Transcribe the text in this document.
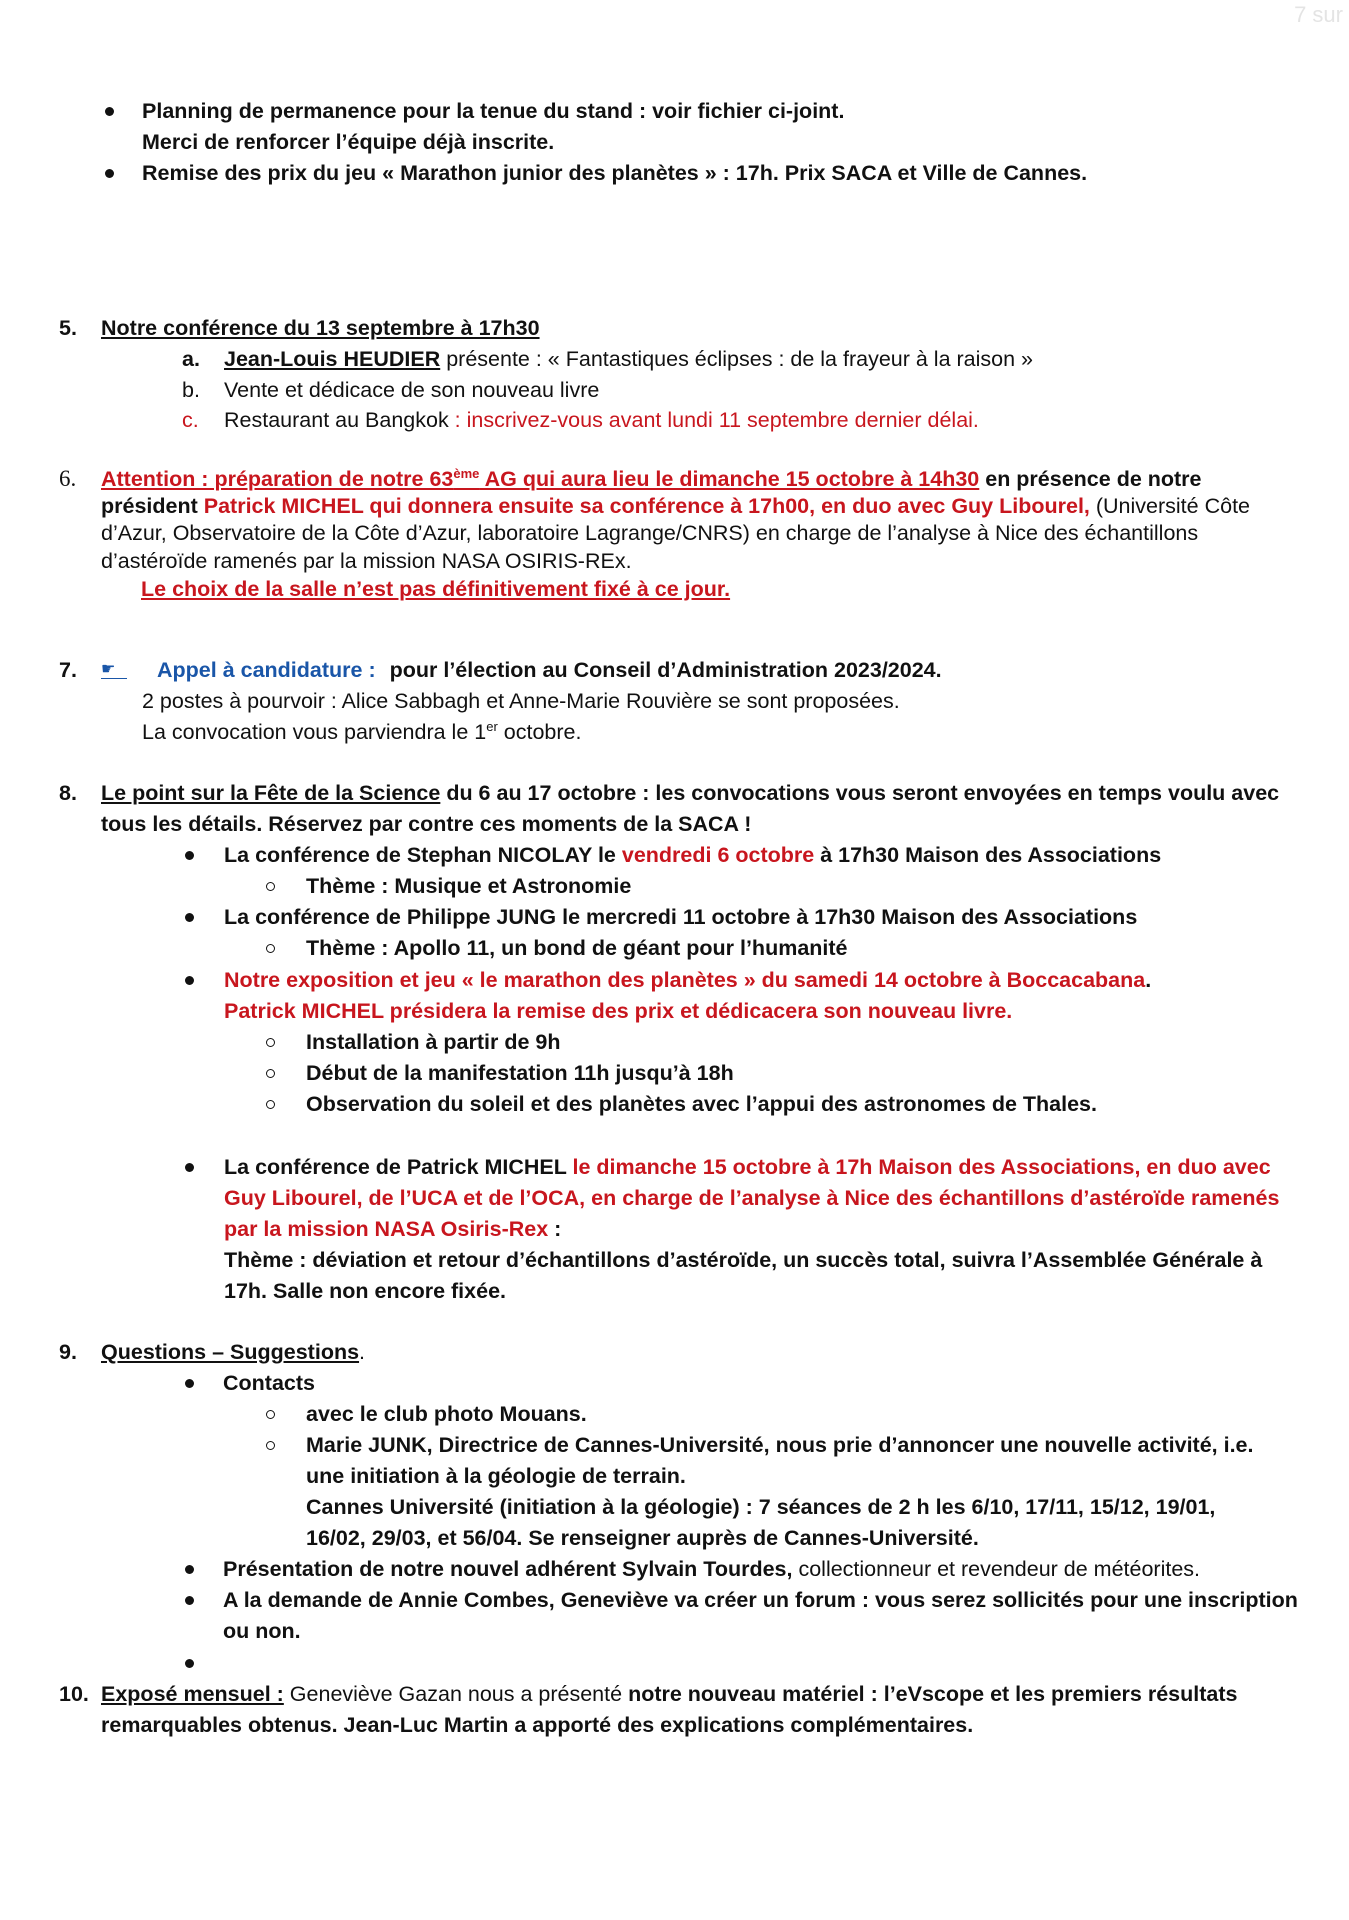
7 sur
Planning de permanence pour la tenue du stand : voir fichier ci-joint.
Merci de renforcer l’équipe déjà inscrite.
Remise des prix du jeu « Marathon junior des planètes » : 17h. Prix SACA et Ville de Cannes.
5. Notre conférence du 13 septembre à 17h30
a. Jean-Louis HEUDIER présente : « Fantastiques éclipses : de la frayeur à la raison »
b. Vente et dédicace de son nouveau livre
c. Restaurant au Bangkok : inscrivez-vous avant lundi 11 septembre dernier délai.
6. Attention : préparation de notre 63ème AG qui aura lieu le dimanche 15 octobre à 14h30 en présence de notre
président Patrick MICHEL qui donnera ensuite sa conférence à 17h00, en duo avec Guy Libourel, (Université Côte
d’Azur, Observatoire de la Côte d’Azur, laboratoire Lagrange/CNRS) en charge de l’analyse à Nice des échantillons
d’astéroïde ramenés par la mission NASA OSIRIS-REx.
Le choix de la salle n’est pas définitivement fixé à ce jour.
7. ☛ Appel à candidature : pour l’élection au Conseil d’Administration 2023/2024.
2 postes à pourvoir : Alice Sabbagh et Anne-Marie Rouvière se sont proposées.
La convocation vous parviendra le 1er octobre.
8. Le point sur la Fête de la Science du 6 au 17 octobre : les convocations vous seront envoyées en temps voulu avec
tous les détails. Réservez par contre ces moments de la SACA !
La conférence de Stephan NICOLAY le vendredi 6 octobre à 17h30 Maison des Associations
Thème : Musique et Astronomie
La conférence de Philippe JUNG le mercredi 11 octobre à 17h30 Maison des Associations
Thème : Apollo 11, un bond de géant pour l’humanité
Notre exposition et jeu « le marathon des planètes » du samedi 14 octobre à Boccacabana.
Patrick MICHEL présidera la remise des prix et dédicacera son nouveau livre.
Installation à partir de 9h
Début de la manifestation 11h jusqu’à 18h
Observation du soleil et des planètes avec l’appui des astronomes de Thales.
La conférence de Patrick MICHEL le dimanche 15 octobre à 17h Maison des Associations, en duo avec
Guy Libourel, de l’UCA et de l’OCA, en charge de l’analyse à Nice des échantillons d’astéroïde ramenés
par la mission NASA Osiris-Rex :
Thème : déviation et retour d’échantillons d’astéroïde, un succès total, suivra l’Assemblée Générale à
17h. Salle non encore fixée.
9. Questions – Suggestions.
Contacts
avec le club photo Mouans.
Marie JUNK, Directrice de Cannes-Université, nous prie d’annoncer une nouvelle activité, i.e.
une initiation à la géologie de terrain.
Cannes Université (initiation à la géologie) : 7 séances de 2 h les 6/10, 17/11, 15/12, 19/01,
16/02, 29/03, et 56/04. Se renseigner auprès de Cannes-Université.
Présentation de notre nouvel adhérent Sylvain Tourdes, collectionneur et revendeur de météorites.
A la demande de Annie Combes, Geneviève va créer un forum : vous serez sollicités pour une inscription
ou non.
10. Exposé mensuel : Geneviève Gazan nous a présenté notre nouveau matériel : l’eVscope et les premiers résultats
remarquables obtenus. Jean-Luc Martin a apporté des explications complémentaires.
